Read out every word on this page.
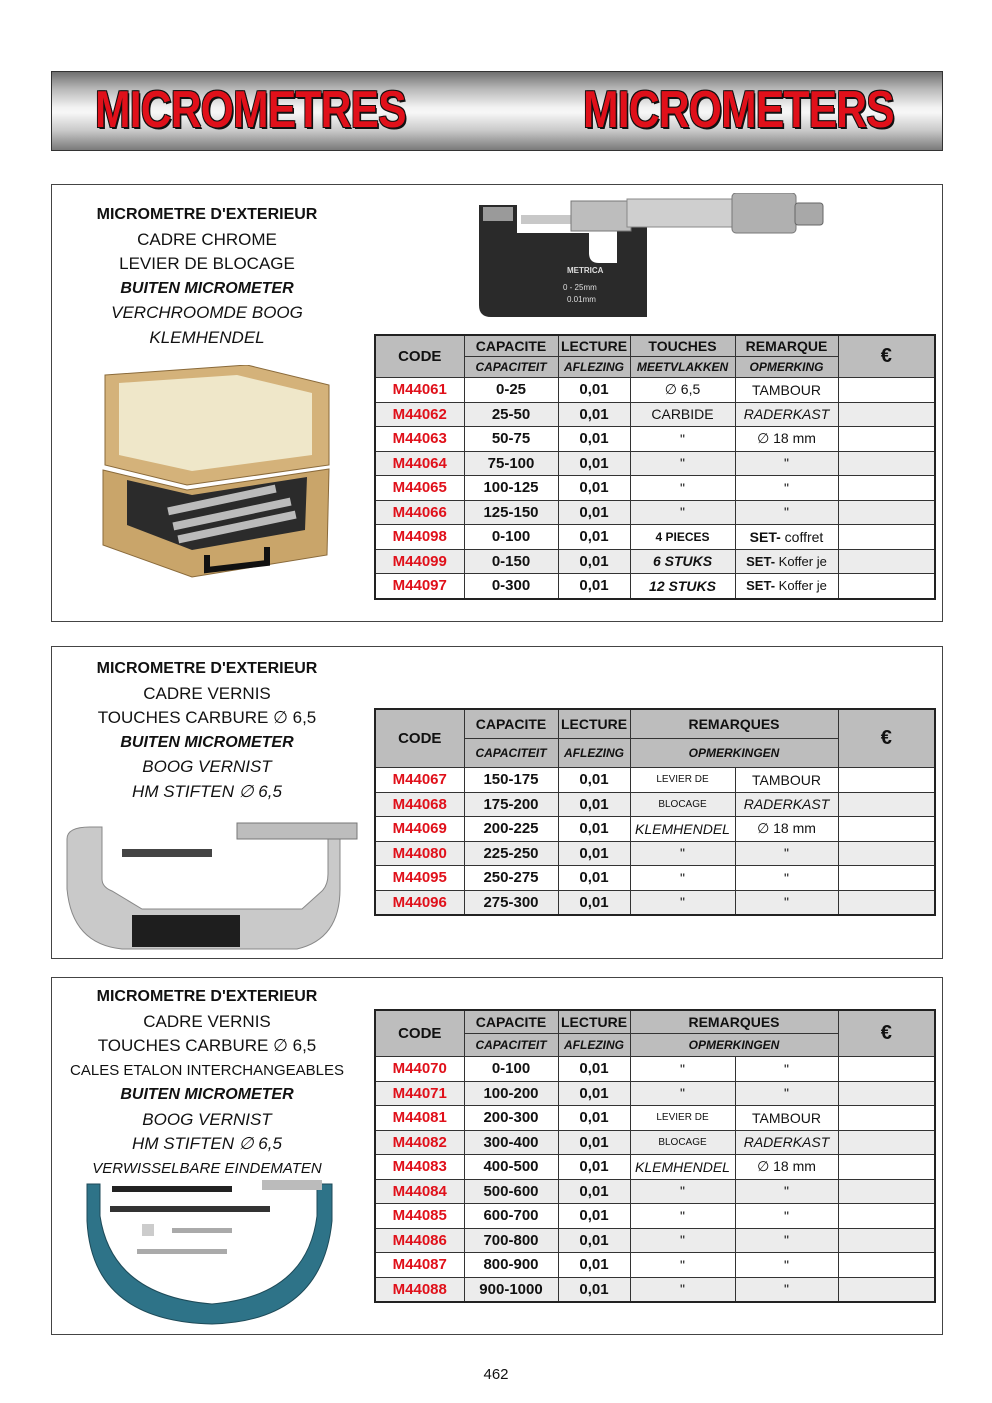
MICROMETRES	MICROMETERS
MICROMETRE D'EXTERIEUR
CADRE CHROME
LEVIER DE BLOCAGE
BUITEN MICROMETER
VERCHROOMDE BOOG
KLEMHENDEL
METRICA
0 - 25mm
0.01mm
CODE	CAPACITE	LECTURE	TOUCHES	REMARQUE	€
	CAPACITEIT	AFLEZING	MEETVLAKKEN	OPMERKING	
M44061	0-25	0,01	∅ 6,5	TAMBOUR	
M44062	25-50	0,01	CARBIDE	RADERKAST	
M44063	50-75	0,01	"	∅ 18 mm	
M44064	75-100	0,01	"	"	
M44065	100-125	0,01	"	"	
M44066	125-150	0,01	"	"	
M44098	0-100	0,01	4 PIECES	SET- coffret	
M44099	0-150	0,01	6 STUKS	SET- Koffer je	
M44097	0-300	0,01	12 STUKS	SET- Koffer je	
MICROMETRE D'EXTERIEUR
CADRE VERNIS
TOUCHES CARBURE ∅ 6,5
BUITEN MICROMETER
BOOG VERNIST
HM STIFTEN ∅ 6,5
CODE	CAPACITE	LECTURE	REMARQUES		€
	CAPACITEIT	AFLEZING	OPMERKINGEN		
M44067	150-175	0,01	LEVIER DE	TAMBOUR	
M44068	175-200	0,01	BLOCAGE	RADERKAST	
M44069	200-225	0,01	KLEMHENDEL	∅ 18 mm	
M44080	225-250	0,01	"	"	
M44095	250-275	0,01	"	"	
M44096	275-300	0,01	"	"	
MICROMETRE D'EXTERIEUR
CADRE VERNIS
TOUCHES CARBURE ∅ 6,5
CALES ETALON INTERCHANGEABLES
BUITEN MICROMETER
BOOG VERNIST
HM STIFTEN ∅ 6,5
VERWISSELBARE EINDEMATEN
CODE	CAPACITE	LECTURE	REMARQUES		€
	CAPACITEIT	AFLEZING	OPMERKINGEN		
M44070	0-100	0,01	"	"	
M44071	100-200	0,01	"	"	
M44081	200-300	0,01	LEVIER DE	TAMBOUR	
M44082	300-400	0,01	BLOCAGE	RADERKAST	
M44083	400-500	0,01	KLEMHENDEL	∅ 18 mm	
M44084	500-600	0,01	"	"	
M44085	600-700	0,01	"	"	
M44086	700-800	0,01	"	"	
M44087	800-900	0,01	"	"	
M44088	900-1000	0,01	"	"	
462
